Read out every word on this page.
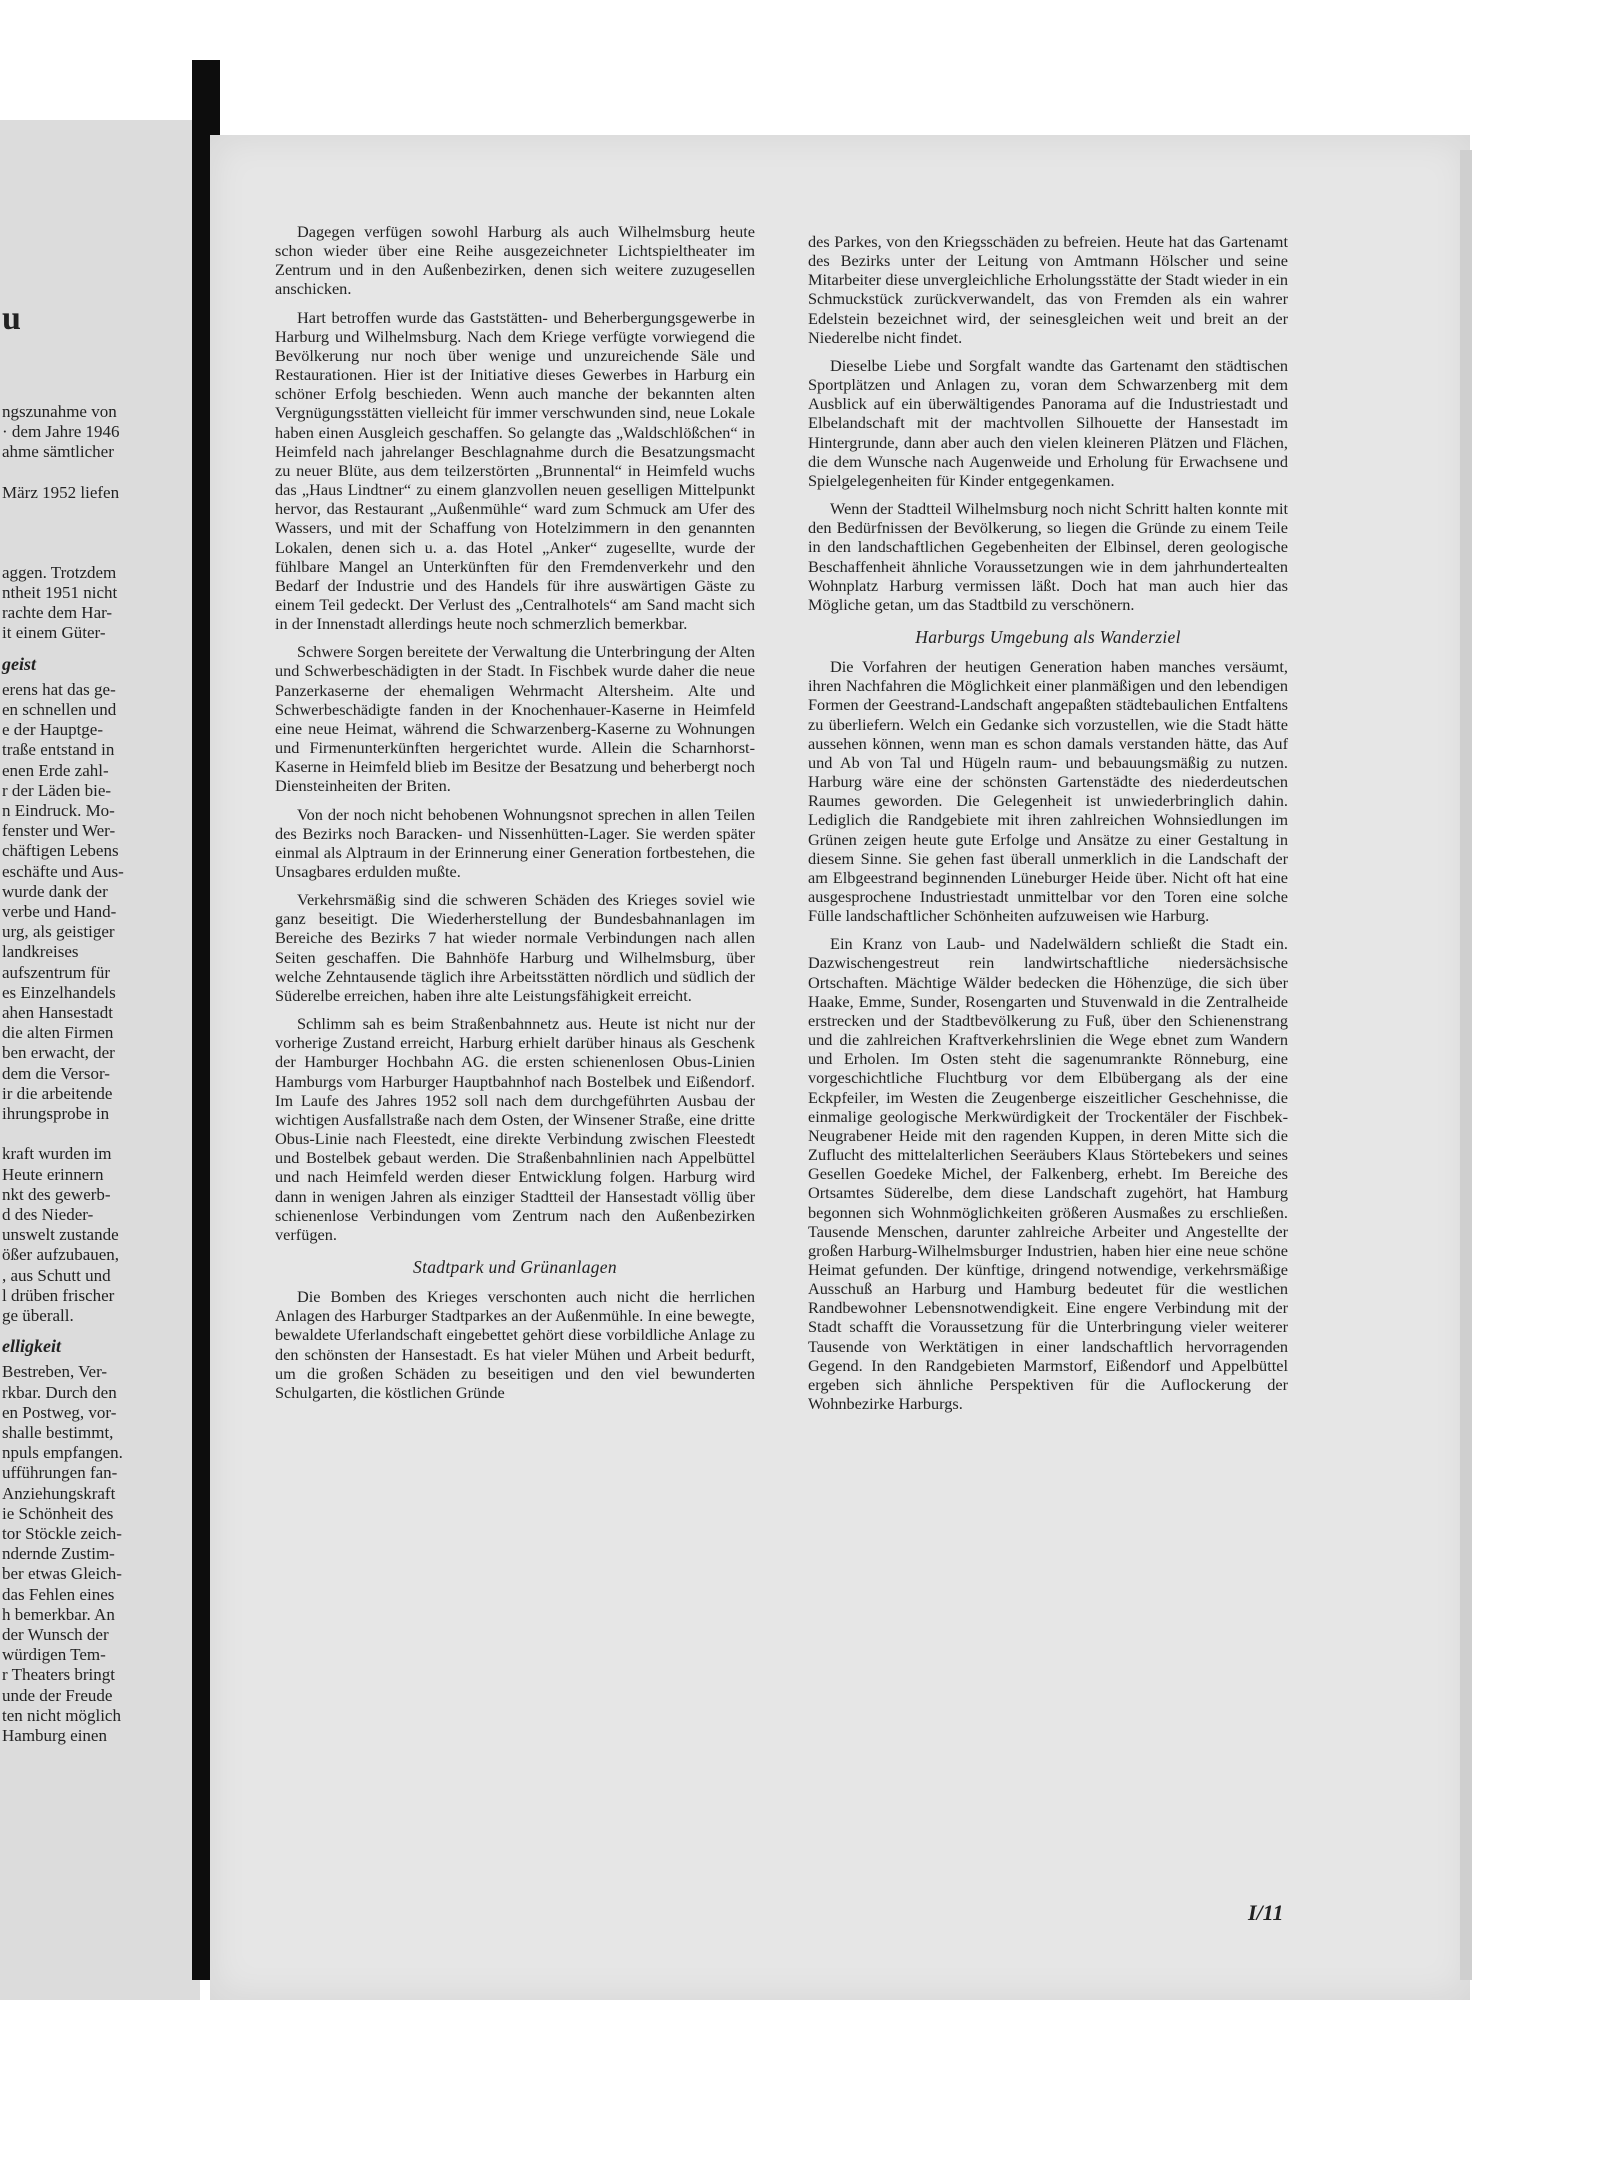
u

ngszunahme von

· dem Jahre 1946

ahme sämtlicher

März 1952 liefen

aggen. Trotzdem

ntheit 1951 nicht

rachte dem Har-

it einem Güter-

geist

erens hat das ge-

en schnellen und

e der Hauptge-

traße entstand in

enen Erde zahl-

r der Läden bie-

n Eindruck. Mo-

fenster und Wer-

chäftigen Lebens

eschäfte und Aus-

wurde dank der

verbe und Hand-

urg, als geistiger

landkreises

aufszentrum für

es Einzelhandels

ahen Hansestadt

die alten Firmen

ben erwacht, der

dem die Versor-

ir die arbeitende

ihrungsprobe in

kraft wurden im

Heute erinnern

nkt des gewerb-

d des Nieder-

unswelt zustande

ößer aufzubauen,

, aus Schutt und

l drüben frischer

ge überall.

elligkeit

Bestreben, Ver-

rkbar. Durch den

en Postweg, vor-

shalle bestimmt,

npuls empfangen.

ufführungen fan-

Anziehungskraft

ie Schönheit des

tor Stöckle zeich-

ndernde Zustim-

ber etwas Gleich-

das Fehlen eines

h bemerkbar. An

der Wunsch der

würdigen Tem-

r Theaters bringt

unde der Freude

ten nicht möglich

Hamburg einen

Dagegen verfügen sowohl Harburg als auch Wilhelmsburg heute schon wieder über eine Reihe ausgezeichneter Lichtspieltheater im Zentrum und in den Außenbezirken, denen sich weitere zuzugesellen anschicken.

Hart betroffen wurde das Gaststätten- und Beherbergungsgewerbe in Harburg und Wilhelmsburg. Nach dem Kriege verfügte vorwiegend die Bevölkerung nur noch über wenige und unzureichende Säle und Restaurationen. Hier ist der Initiative dieses Gewerbes in Harburg ein schöner Erfolg beschieden. Wenn auch manche der bekannten alten Vergnügungsstätten vielleicht für immer verschwunden sind, neue Lokale haben einen Ausgleich geschaffen. So gelangte das „Waldschlößchen“ in Heimfeld nach jahrelanger Beschlagnahme durch die Besatzungsmacht zu neuer Blüte, aus dem teilzerstörten „Brunnental“ in Heimfeld wuchs das „Haus Lindtner“ zu einem glanzvollen neuen geselligen Mittelpunkt hervor, das Restaurant „Außenmühle“ ward zum Schmuck am Ufer des Wassers, und mit der Schaffung von Hotelzimmern in den genannten Lokalen, denen sich u. a. das Hotel „Anker“ zugesellte, wurde der fühlbare Mangel an Unterkünften für den Fremdenverkehr und den Bedarf der Industrie und des Handels für ihre auswärtigen Gäste zu einem Teil gedeckt. Der Verlust des „Centralhotels“ am Sand macht sich in der Innenstadt allerdings heute noch schmerzlich bemerkbar.

Schwere Sorgen bereitete der Verwaltung die Unterbringung der Alten und Schwerbeschädigten in der Stadt. In Fischbek wurde daher die neue Panzerkaserne der ehemaligen Wehrmacht Altersheim. Alte und Schwerbeschädigte fanden in der Knochenhauer-Kaserne in Heimfeld eine neue Heimat, während die Schwarzenberg-Kaserne zu Wohnungen und Firmenunterkünften hergerichtet wurde. Allein die Scharnhorst-Kaserne in Heimfeld blieb im Besitze der Besatzung und beherbergt noch Diensteinheiten der Briten.

Von der noch nicht behobenen Wohnungsnot sprechen in allen Teilen des Bezirks noch Baracken- und Nissenhütten-Lager. Sie werden später einmal als Alptraum in der Erinnerung einer Generation fortbestehen, die Unsagbares erdulden mußte.

Verkehrsmäßig sind die schweren Schäden des Krieges soviel wie ganz beseitigt. Die Wiederherstellung der Bundesbahnanlagen im Bereiche des Bezirks 7 hat wieder normale Verbindungen nach allen Seiten geschaffen. Die Bahnhöfe Harburg und Wilhelmsburg, über welche Zehntausende täglich ihre Arbeitsstätten nördlich und südlich der Süderelbe erreichen, haben ihre alte Leistungsfähigkeit erreicht.

Schlimm sah es beim Straßenbahnnetz aus. Heute ist nicht nur der vorherige Zustand erreicht, Harburg erhielt darüber hinaus als Geschenk der Hamburger Hochbahn AG. die ersten schienenlosen Obus-Linien Hamburgs vom Harburger Hauptbahnhof nach Bostelbek und Eißendorf. Im Laufe des Jahres 1952 soll nach dem durchgeführten Ausbau der wichtigen Ausfallstraße nach dem Osten, der Winsener Straße, eine dritte Obus-Linie nach Fleestedt, eine direkte Verbindung zwischen Fleestedt und Bostelbek gebaut werden. Die Straßenbahnlinien nach Appelbüttel und nach Heimfeld werden dieser Entwicklung folgen. Harburg wird dann in wenigen Jahren als einziger Stadtteil der Hansestadt völlig über schienenlose Verbindungen vom Zentrum nach den Außenbezirken verfügen.

Stadtpark und Grünanlagen

Die Bomben des Krieges verschonten auch nicht die herrlichen Anlagen des Harburger Stadtparkes an der Außenmühle. In eine bewegte, bewaldete Uferlandschaft eingebettet gehört diese vorbildliche Anlage zu den schönsten der Hansestadt. Es hat vieler Mühen und Arbeit bedurft, um die großen Schäden zu beseitigen und den viel bewunderten Schulgarten, die köstlichen Gründe

des Parkes, von den Kriegsschäden zu befreien. Heute hat das Gartenamt des Bezirks unter der Leitung von Amtmann Hölscher und seine Mitarbeiter diese unvergleichliche Erholungsstätte der Stadt wieder in ein Schmuckstück zurückverwandelt, das von Fremden als ein wahrer Edelstein bezeichnet wird, der seinesgleichen weit und breit an der Niederelbe nicht findet.

Dieselbe Liebe und Sorgfalt wandte das Gartenamt den städtischen Sportplätzen und Anlagen zu, voran dem Schwarzenberg mit dem Ausblick auf ein überwältigendes Panorama auf die Industriestadt und Elbelandschaft mit der machtvollen Silhouette der Hansestadt im Hintergrunde, dann aber auch den vielen kleineren Plätzen und Flächen, die dem Wunsche nach Augenweide und Erholung für Erwachsene und Spielgelegenheiten für Kinder entgegenkamen.

Wenn der Stadtteil Wilhelmsburg noch nicht Schritt halten konnte mit den Bedürfnissen der Bevölkerung, so liegen die Gründe zu einem Teile in den landschaftlichen Gegebenheiten der Elbinsel, deren geologische Beschaffenheit ähnliche Voraussetzungen wie in dem jahrhundertealten Wohnplatz Harburg vermissen läßt. Doch hat man auch hier das Mögliche getan, um das Stadtbild zu verschönern.

Harburgs Umgebung als Wanderziel

Die Vorfahren der heutigen Generation haben manches versäumt, ihren Nachfahren die Möglichkeit einer planmäßigen und den lebendigen Formen der Geestrand-Landschaft angepaßten städtebaulichen Entfaltens zu überliefern. Welch ein Gedanke sich vorzustellen, wie die Stadt hätte aussehen können, wenn man es schon damals verstanden hätte, das Auf und Ab von Tal und Hügeln raum- und bebauungsmäßig zu nutzen. Harburg wäre eine der schönsten Gartenstädte des niederdeutschen Raumes geworden. Die Gelegenheit ist unwiederbringlich dahin. Lediglich die Randgebiete mit ihren zahlreichen Wohnsiedlungen im Grünen zeigen heute gute Erfolge und Ansätze zu einer Gestaltung in diesem Sinne. Sie gehen fast überall unmerklich in die Landschaft der am Elbgeestrand beginnenden Lüneburger Heide über. Nicht oft hat eine ausgesprochene Industriestadt unmittelbar vor den Toren eine solche Fülle landschaftlicher Schönheiten aufzuweisen wie Harburg.

Ein Kranz von Laub- und Nadelwäldern schließt die Stadt ein. Dazwischengestreut rein landwirtschaftliche niedersächsische Ortschaften. Mächtige Wälder bedecken die Höhenzüge, die sich über Haake, Emme, Sunder, Rosengarten und Stuvenwald in die Zentralheide erstrecken und der Stadtbevölkerung zu Fuß, über den Schienenstrang und die zahlreichen Kraftverkehrslinien die Wege ebnet zum Wandern und Erholen. Im Osten steht die sagenumrankte Rönneburg, eine vorgeschichtliche Fluchtburg vor dem Elbübergang als der eine Eckpfeiler, im Westen die Zeugenberge eiszeitlicher Geschehnisse, die einmalige geologische Merkwürdigkeit der Trockentäler der Fischbek-Neugrabener Heide mit den ragenden Kuppen, in deren Mitte sich die Zuflucht des mittelalterlichen Seeräubers Klaus Störtebekers und seines Gesellen Goedeke Michel, der Falkenberg, erhebt. Im Bereiche des Ortsamtes Süderelbe, dem diese Landschaft zugehört, hat Hamburg begonnen sich Wohnmöglichkeiten größeren Ausmaßes zu erschließen. Tausende Menschen, darunter zahlreiche Arbeiter und Angestellte der großen Harburg-Wilhelmsburger Industrien, haben hier eine neue schöne Heimat gefunden. Der künftige, dringend notwendige, verkehrsmäßige Ausschuß an Harburg und Hamburg bedeutet für die westlichen Randbewohner Lebensnotwendigkeit. Eine engere Verbindung mit der Stadt schafft die Voraussetzung für die Unterbringung vieler weiterer Tausende von Werktätigen in einer landschaftlich hervorragenden Gegend. In den Randgebieten Marmstorf, Eißendorf und Appelbüttel ergeben sich ähnliche Perspektiven für die Auflockerung der Wohnbezirke Harburgs.

I/11
